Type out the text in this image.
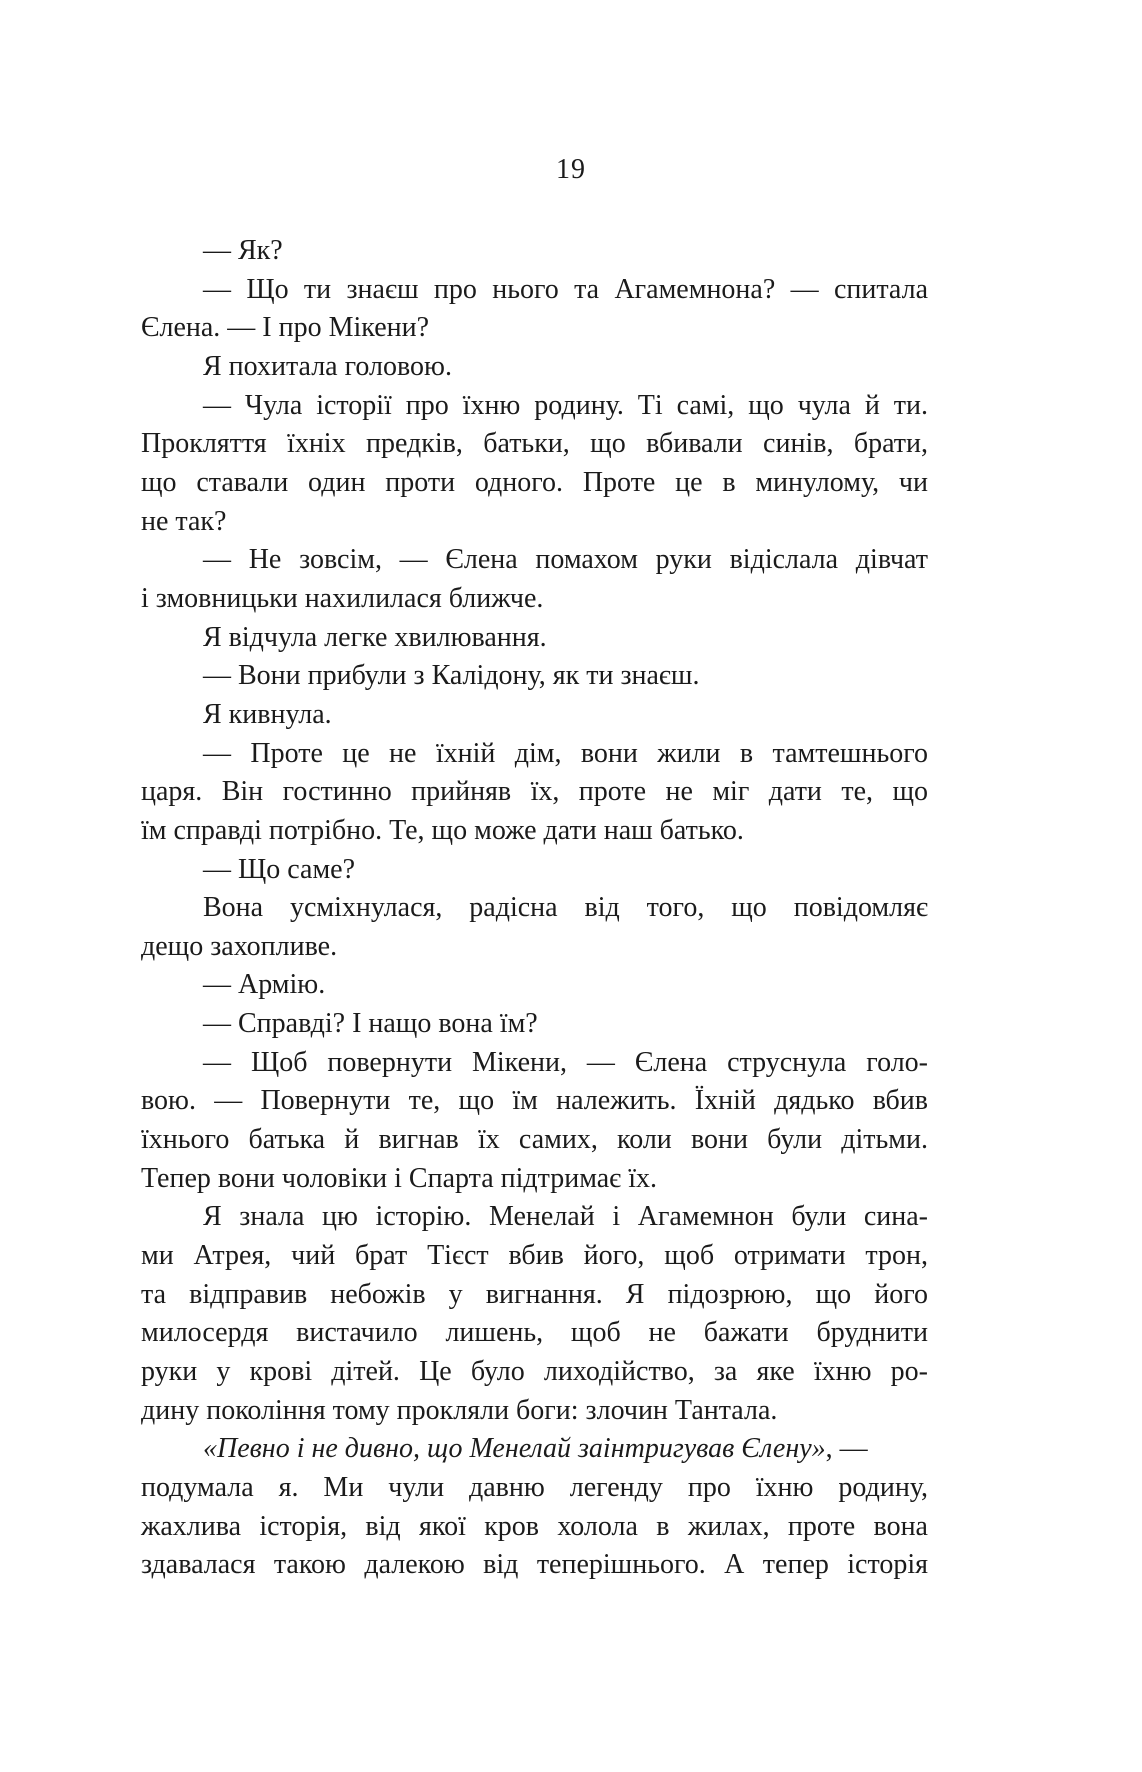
19
— Як?
— Що ти знаєш про нього та Агамемнона? — спитала
Єлена. — І про Мікени?
Я похитала головою.
— Чула історії про їхню родину. Ті самі, що чула й ти.
Прокляття їхніх предків, батьки, що вбивали синів, брати,
що ставали один проти одного. Проте це в минулому, чи
не так?
— Не зовсім, — Єлена помахом руки відіслала дівчат
і змовницьки нахилилася ближче.
Я відчула легке хвилювання.
— Вони прибули з Калідону, як ти знаєш.
Я кивнула.
— Проте це не їхній дім, вони жили в тамтешнього
царя. Він гостинно прийняв їх, проте не міг дати те, що
їм справді потрібно. Те, що може дати наш батько.
— Що саме?
Вона усміхнулася, радісна від того, що повідомляє
дещо захопливе.
— Армію.
— Справді? І нащо вона їм?
— Щоб повернути Мікени, — Єлена струснула голо-
вою. — Повернути те, що їм належить. Їхній дядько вбив
їхнього батька й вигнав їх самих, коли вони були дітьми.
Тепер вони чоловіки і Спарта підтримає їх.
Я знала цю історію. Менелай і Агамемнон були сина-
ми Атрея, чий брат Тієст вбив його, щоб отримати трон,
та відправив небожів у вигнання. Я підозрюю, що його
милосердя вистачило лишень, щоб не бажати бруднити
руки у крові дітей. Це було лиходійство, за яке їхню ро-
дину покоління тому прокляли боги: злочин Тантала.
«Певно і не дивно, що Менелай заінтригував Єлену», —
подумала я. Ми чули давню легенду про їхню родину,
жахлива історія, від якої кров холола в жилах, проте вона
здавалася такою далекою від теперішнього. А тепер історія
